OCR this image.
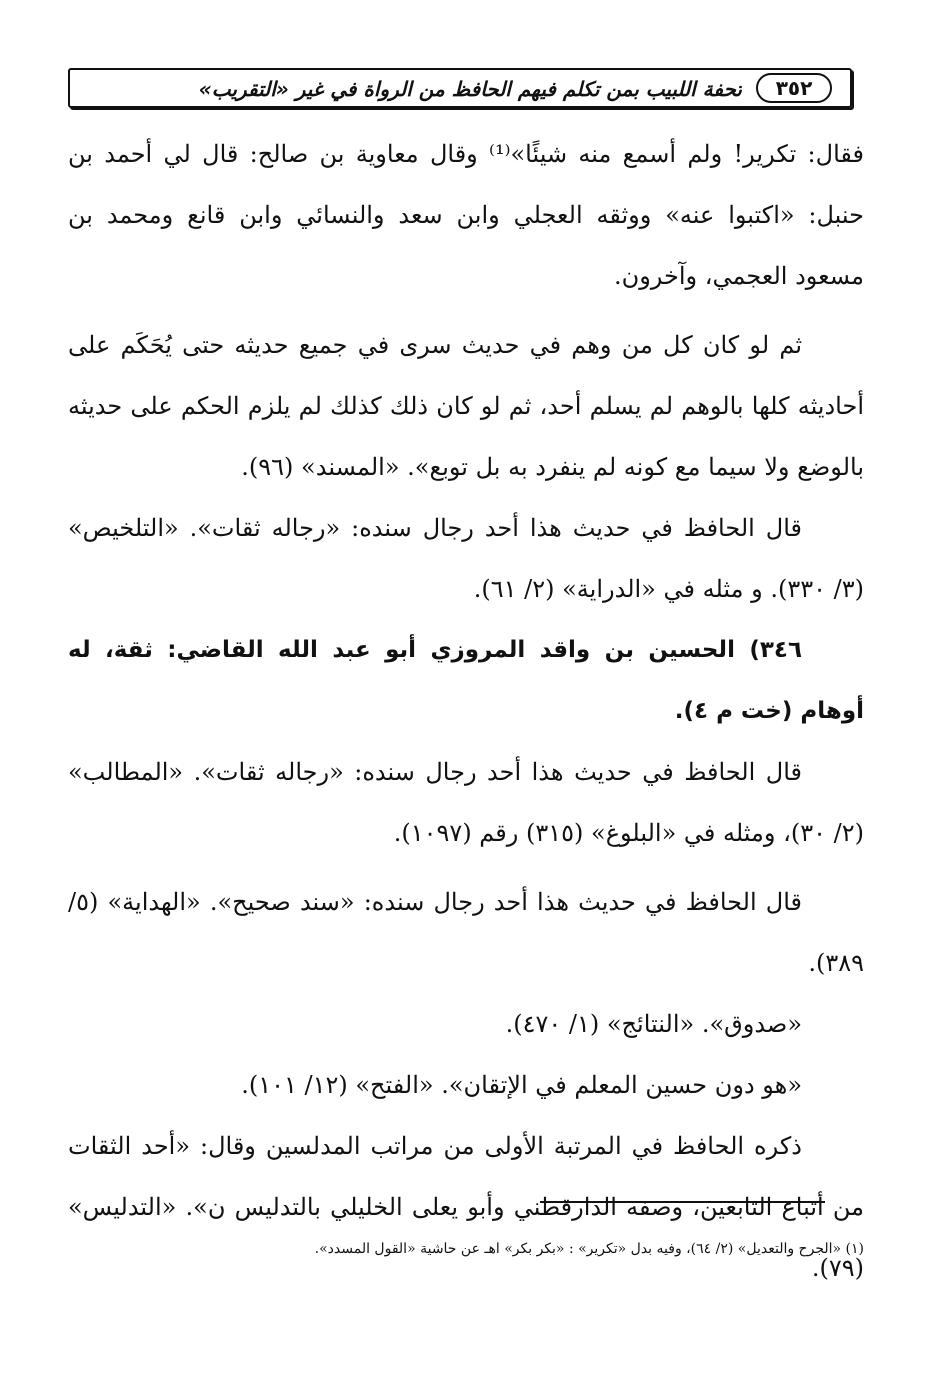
٣٥٢
تحفة اللبيب بمن تكلم فيهم الحافظ من الرواة في غير «التقريب»

فقال: تكرير! ولم أسمع منه شيئًا»⁽¹⁾ وقال معاوية بن صالح: قال لي أحمد بن حنبل: «اكتبوا عنه» ووثقه العجلي وابن سعد والنسائي وابن قانع ومحمد بن مسعود العجمي، وآخرون.

ثم لو كان كل من وهم في حديث سرى في جميع حديثه حتى يُحَكَم على أحاديثه كلها بالوهم لم يسلم أحد، ثم لو كان ذلك كذلك لم يلزم الحكم على حديثه بالوضع ولا سيما مع كونه لم ينفرد به بل توبع». «المسند» (٩٦).

قال الحافظ في حديث هذا أحد رجال سنده: «رجاله ثقات». «التلخيص» (٣/ ٣٣٠). و مثله في «الدراية» (٢/ ٦١).

٣٤٦) الحسين بن واقد المروزي أبو عبد الله القاضي: ثقة، له أوهام (خت م ٤).

قال الحافظ في حديث هذا أحد رجال سنده: «رجاله ثقات». «المطالب» (٢/ ٣٠)، ومثله في «البلوغ» (٣١٥) رقم (١٠٩٧).

قال الحافظ في حديث هذا أحد رجال سنده: «سند صحيح». «الهداية» (٥/ ٣٨٩).

«صدوق». «النتائج» (١/ ٤٧٠).

«هو دون حسين المعلم في الإتقان». «الفتح» (١٢/ ١٠١).

ذكره الحافظ في المرتبة الأولى من مراتب المدلسين وقال: «أحد الثقات من أتباع التابعين، وصفه الدارقطني وأبو يعلى الخليلي بالتدليس ن». «التدليس» (٧٩).

(١) «الجرح والتعديل» (٢/ ٦٤)، وفيه بدل «تكرير» : «بكر بكر» اهـ عن حاشية «القول المسدد».
